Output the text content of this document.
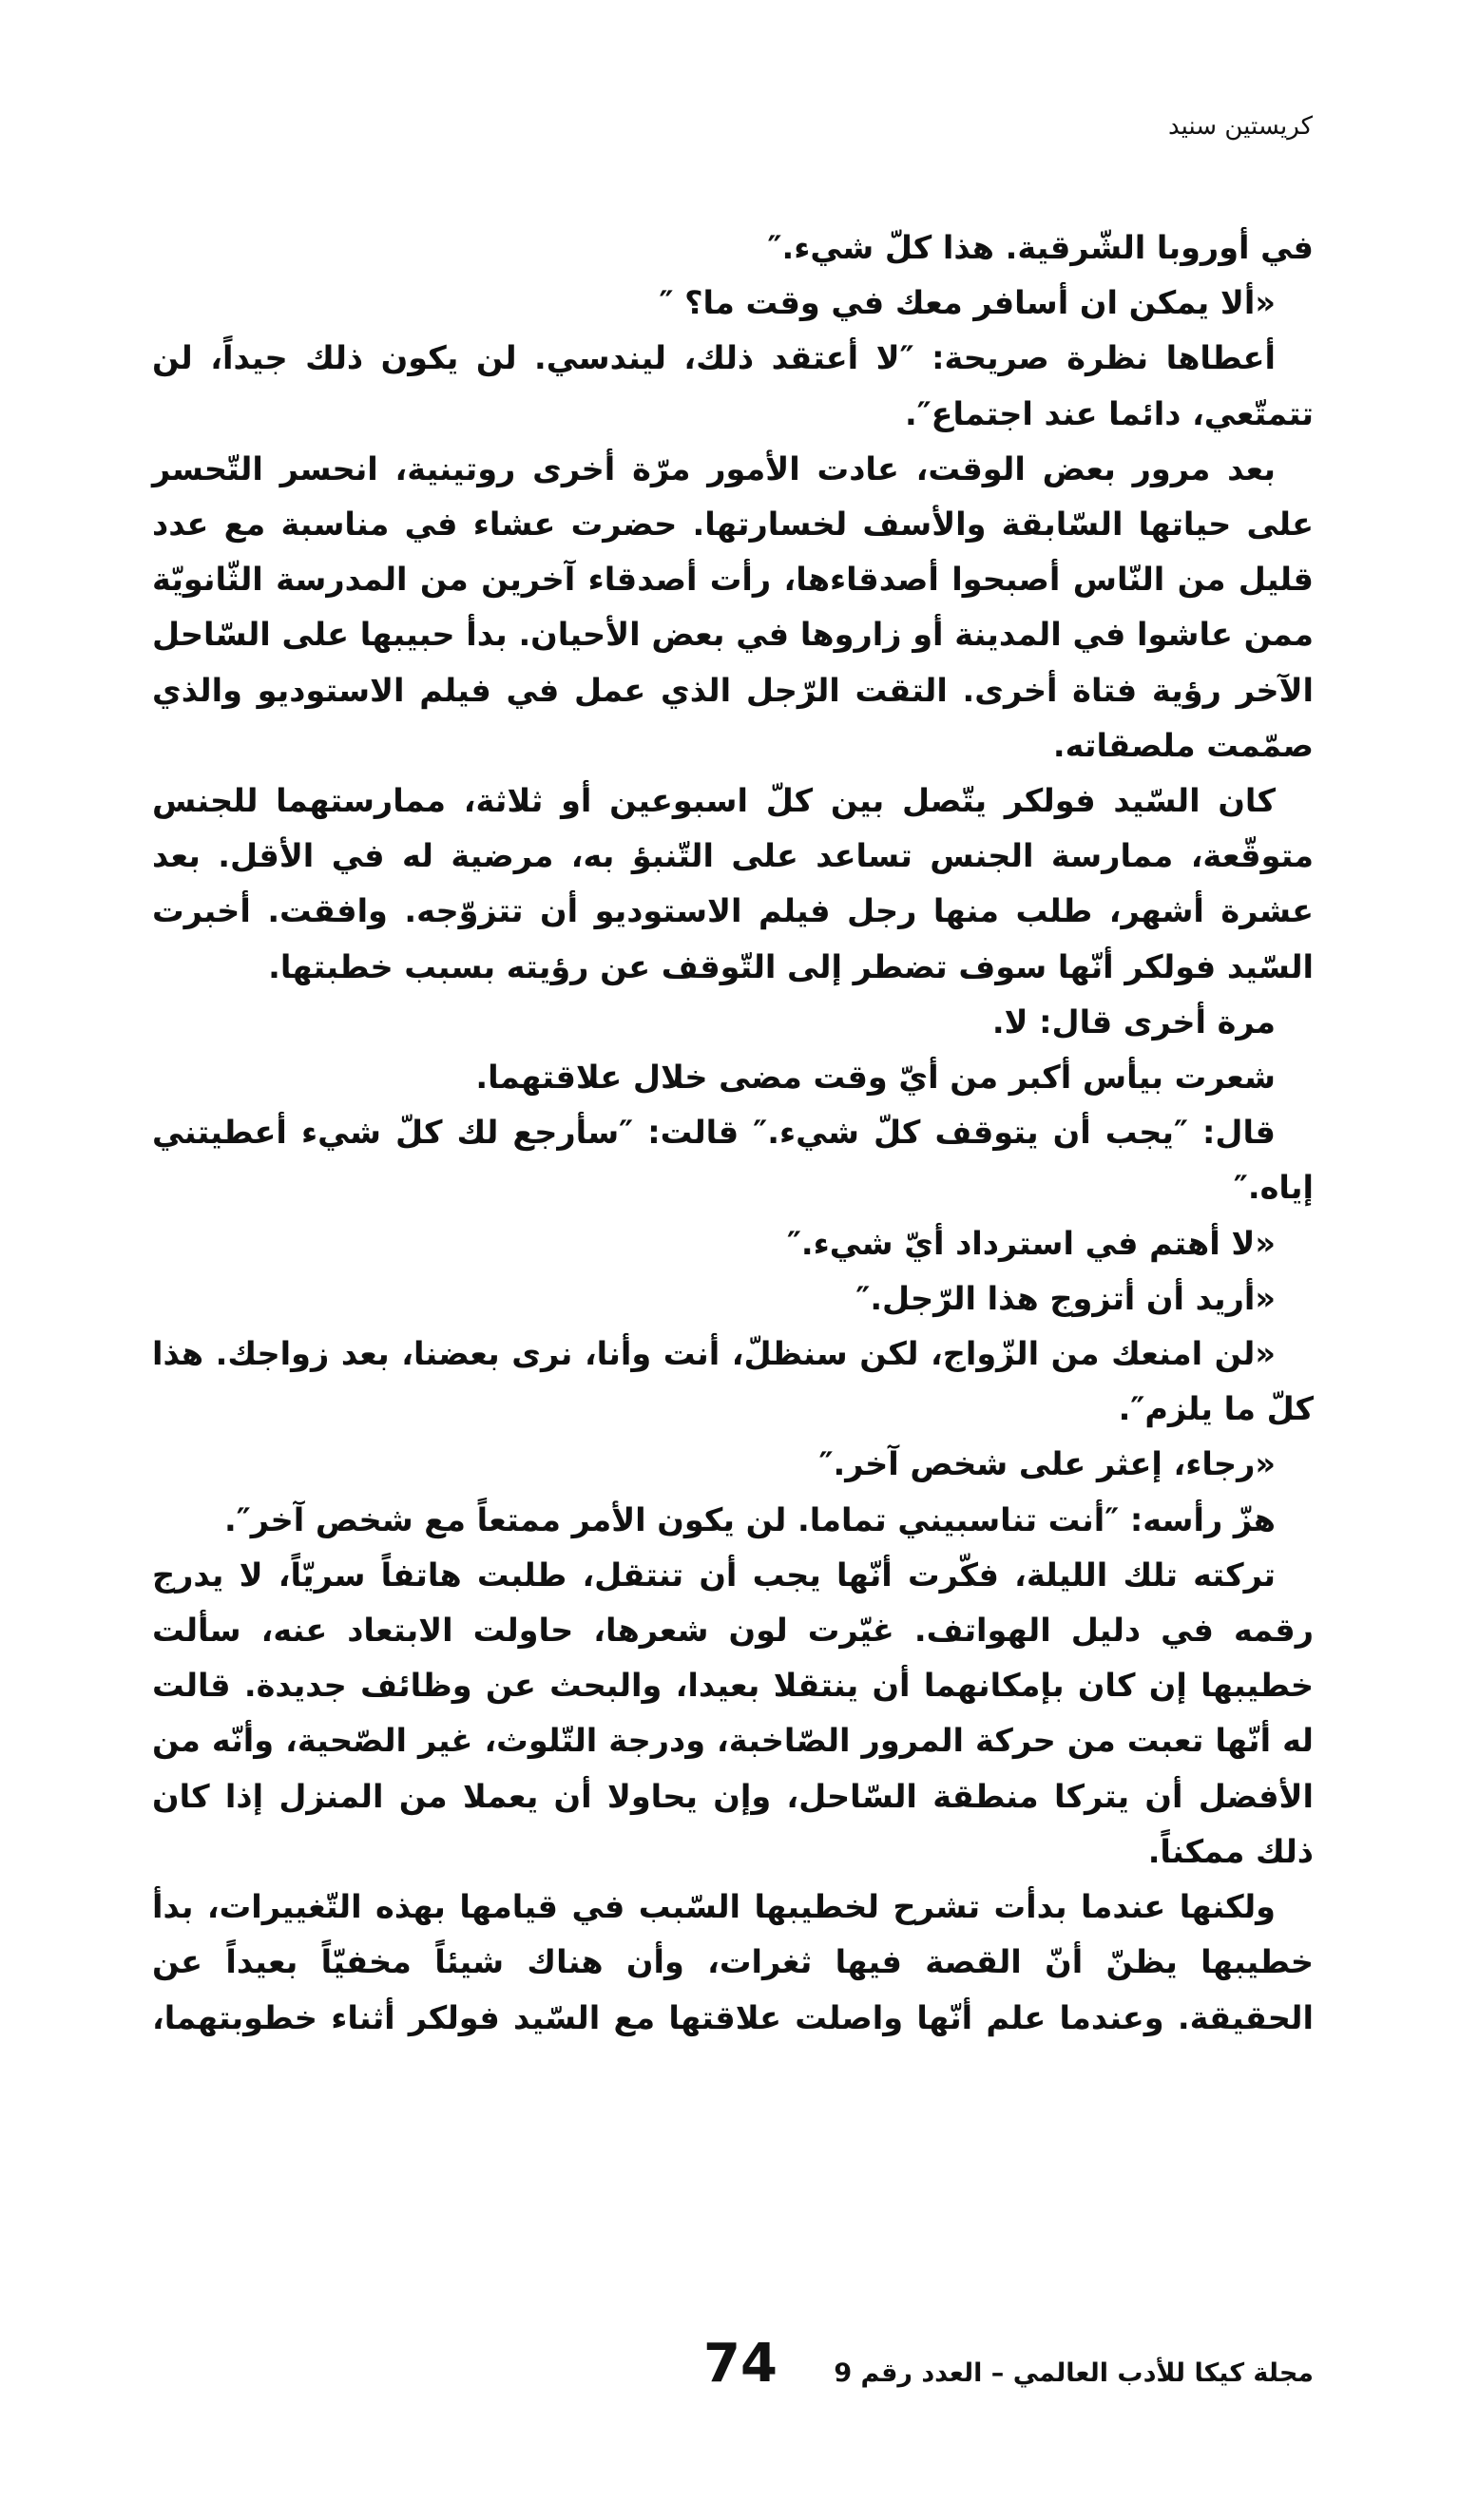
كريستين سنيد

في أوروبا الشّرقية. هذا كلّ شيء.″

«ألا يمكن ان أسافر معك في وقت ما؟ ″

أعطاها نظرة صريحة: ″لا أعتقد ذلك، ليندسي. لن يكون ذلك جيداً، لن تتمتّعي، دائما عند اجتماع″.

بعد مرور بعض الوقت، عادت الأمور مرّة أخرى روتينية، انحسر التّحسر على حياتها السّابقة والأسف لخسارتها. حضرت عشاء في مناسبة مع عدد قليل من النّاس أصبحوا أصدقاءها، رأت أصدقاء آخرين من المدرسة الثّانويّة ممن عاشوا في المدينة أو زاروها في بعض الأحيان. بدأ حبيبها على السّاحل الآخر رؤية فتاة أخرى. التقت الرّجل الذي عمل في فيلم الاستوديو والذي صمّمت ملصقاته.

كان السّيد فولكر يتّصل بين كلّ اسبوعين أو ثلاثة، ممارستهما للجنس متوقّعة، ممارسة الجنس تساعد على التّنبؤ به، مرضية له في الأقل. بعد عشرة أشهر، طلب منها رجل فيلم الاستوديو أن تتزوّجه. وافقت. أخبرت السّيد فولكر أنّها سوف تضطر إلى التّوقف عن رؤيته بسبب خطبتها.

مرة أخرى قال: لا.

شعرت بيأس أكبر من أيّ وقت مضى خلال علاقتهما.

قال: ″يجب أن يتوقف كلّ شيء.″ قالت: ″سأرجع لك كلّ شيء أعطيتني إياه.″

«لا أهتم في استرداد أيّ شيء.″

«أريد أن أتزوج هذا الرّجل.″

«لن امنعك من الزّواج، لكن سنظلّ، أنت وأنا، نرى بعضنا، بعد زواجك. هذا كلّ ما يلزم″.

«رجاء، إعثر على شخص آخر.″

هزّ رأسه: ″أنت تناسبيني تماما. لن يكون الأمر ممتعاً مع شخص آخر″.

تركته تلك الليلة، فكّرت أنّها يجب أن تنتقل، طلبت هاتفاً سريّاً، لا يدرج رقمه في دليل الهواتف. غيّرت لون شعرها، حاولت الابتعاد عنه، سألت خطيبها إن كان بإمكانهما أن ينتقلا بعيدا، والبحث عن وظائف جديدة. قالت له أنّها تعبت من حركة المرور الصّاخبة، ودرجة التّلوث، غير الصّحية، وأنّه من الأفضل أن يتركا منطقة السّاحل، وإن يحاولا أن يعملا من المنزل إذا كان ذلك ممكناً.

ولكنها عندما بدأت تشرح لخطيبها السّبب في قيامها بهذه التّغييرات، بدأ خطيبها يظنّ أنّ القصة فيها ثغرات، وأن هناك شيئاً مخفيّاً بعيداً عن الحقيقة. وعندما علم أنّها واصلت علاقتها مع السّيد فولكر أثناء خطوبتهما،

مجلة كيكا للأدب العالمي – العدد رقم 9
74
